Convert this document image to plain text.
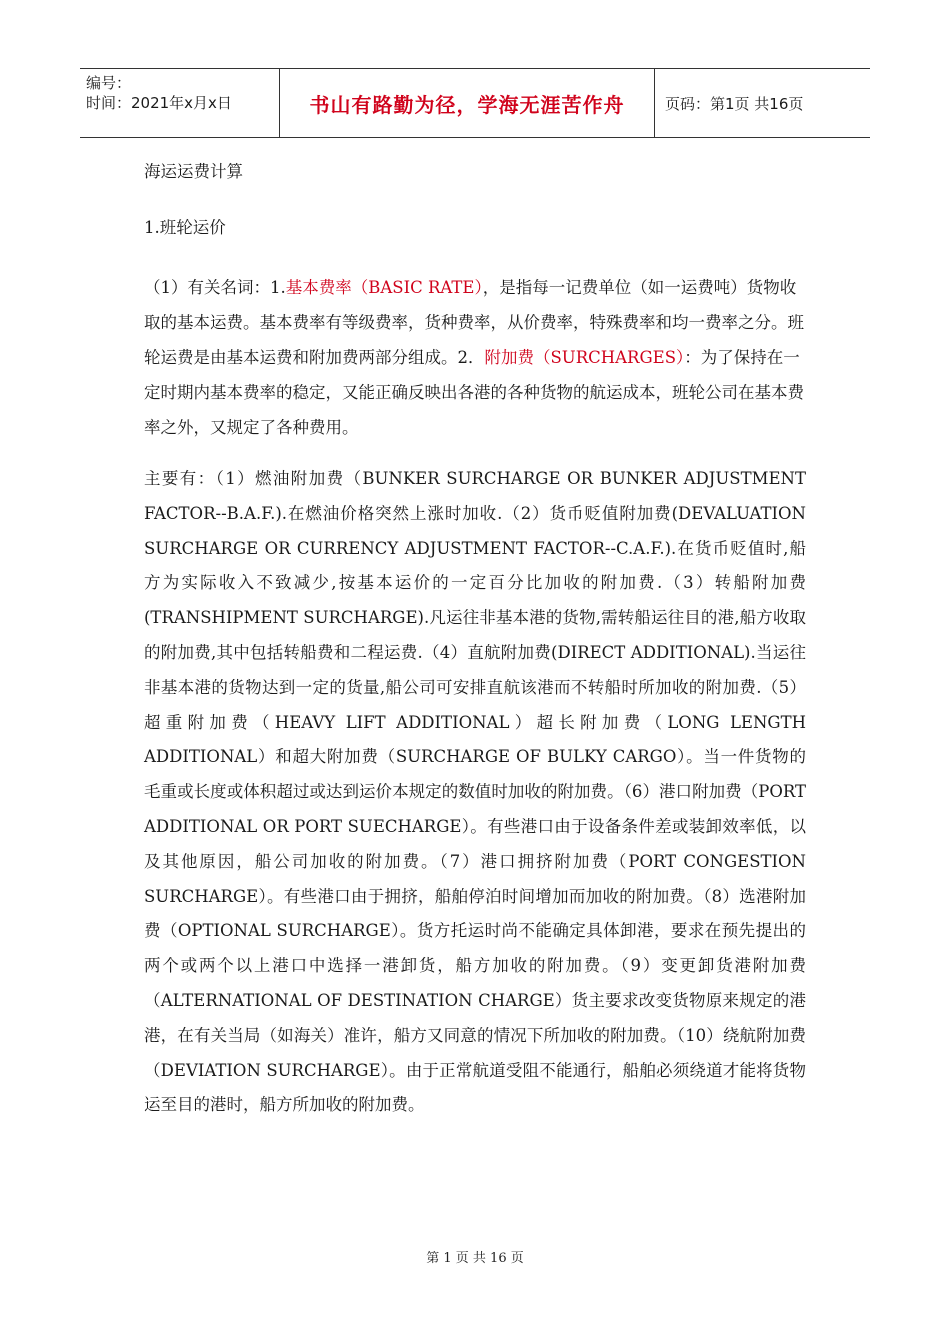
编号：
时间：2021年x月x日	书山有路勤为径，学海无涯苦作舟	页码：第1页 共16页
海运运费计算
1.班轮运价

（1）有关名词：1.基本费率（BASIC RATE），是指每一记费单位（如一运费吨）货物收取的基本运费。基本费率有等级费率，货种费率，从价费率，特殊费率和均一费率之分。班轮运费是由基本运费和附加费两部分组成。2．附加费（SURCHARGES）：为了保持在一定时期内基本费率的稳定，又能正确反映出各港的各种货物的航运成本，班轮公司在基本费率之外，又规定了各种费用。

主要有：（1）燃油附加费（BUNKER SURCHARGE OR BUNKER ADJUSTMENT FACTOR--B.A.F.).在燃油价格突然上涨时加收.（2）货币贬值附加费(DEVALUATION SURCHARGE OR CURRENCY ADJUSTMENT FACTOR--C.A.F.).在货币贬值时,船方为实际收入不致减少,按基本运价的一定百分比加收的附加费.（3）转船附加费(TRANSHIPMENT SURCHARGE).凡运往非基本港的货物,需转船运往目的港,船方收取的附加费,其中包括转船费和二程运费.（4）直航附加费(DIRECT ADDITIONAL).当运往非基本港的货物达到一定的货量,船公司可安排直航该港而不转船时所加收的附加费.（5）超重附加费（HEAVY LIFT ADDITIONAL）超长附加费（LONG LENGTH ADDITIONAL）和超大附加费（SURCHARGE OF BULKY CARGO）。当一件货物的毛重或长度或体积超过或达到运价本规定的数值时加收的附加费。（6）港口附加费（PORT ADDITIONAL OR PORT SUECHARGE）。有些港口由于设备条件差或装卸效率低，以及其他原因，船公司加收的附加费。（7）港口拥挤附加费（PORT CONGESTION SURCHARGE）。有些港口由于拥挤，船舶停泊时间增加而加收的附加费。（8）选港附加费（OPTIONAL SURCHARGE）。货方托运时尚不能确定具体卸港，要求在预先提出的两个或两个以上港口中选择一港卸货，船方加收的附加费。（9）变更卸货港附加费（ALTERNATIONAL OF DESTINATION CHARGE）货主要求改变货物原来规定的港港，在有关当局（如海关）准许，船方又同意的情况下所加收的附加费。（10）绕航附加费（DEVIATION SURCHARGE）。由于正常航道受阻不能通行，船舶必须绕道才能将货物运至目的港时，船方所加收的附加费。

第 1 页 共 16 页
